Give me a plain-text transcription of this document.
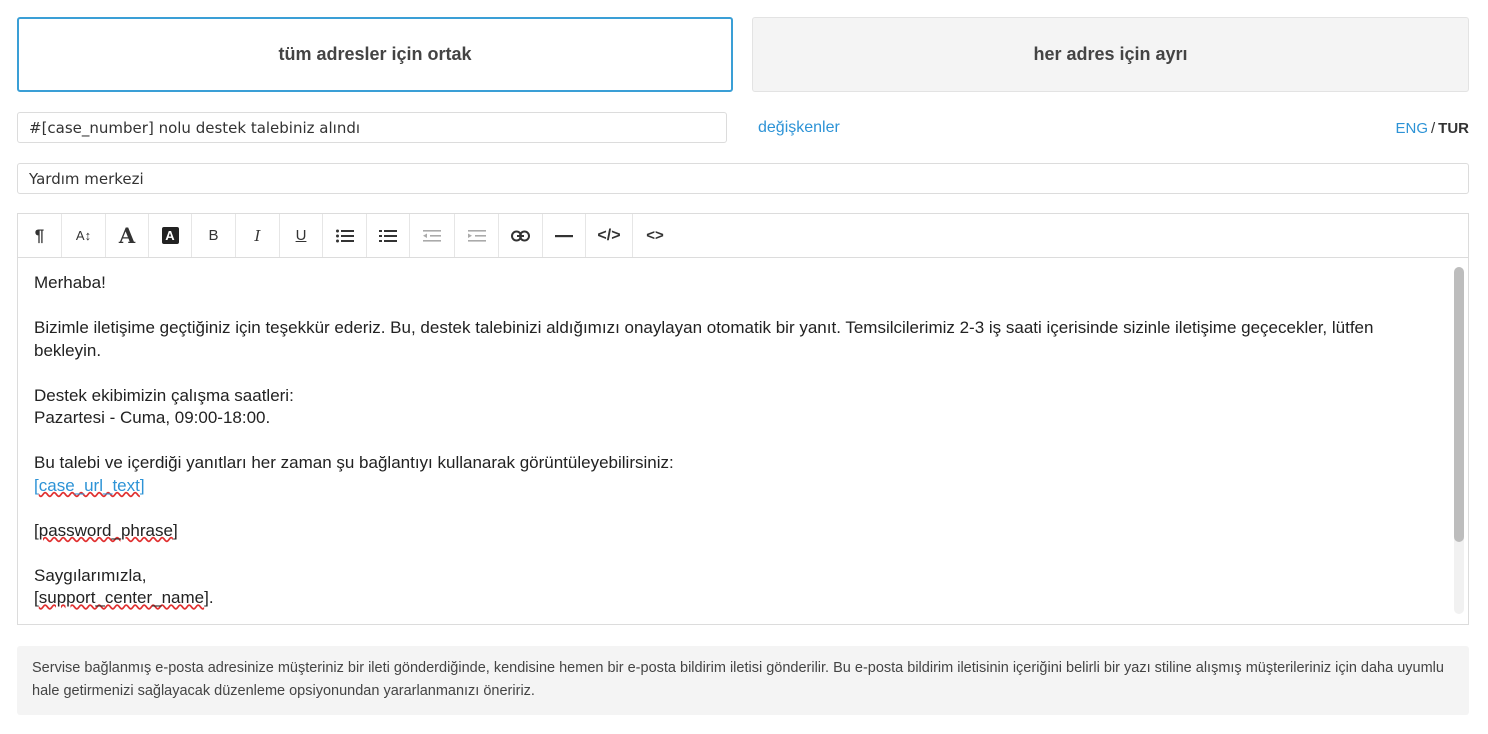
tüm adresler için ortak	her adres için ayrı
#[case_number] nolu destek talebiniz alındı
değişkenler	ENG / TUR
Yardım merkezi
¶ A↕ A A B I U	</> <>

Merhaba!

Bizimle iletişime geçtiğiniz için teşekkür ederiz. Bu, destek talebinizi aldığımızı onaylayan otomatik bir yanıt. Temsilcilerimiz 2-3 iş saati içerisinde sizinle iletişime geçecekler, lütfen bekleyin.

Destek ekibimizin çalışma saatleri:

Pazartesi - Cuma, 09:00-18:00.

Bu talebi ve içerdiği yanıtları her zaman şu bağlantıyı kullanarak görüntüleyebilirsiniz:

[case_url_text]

[password_phrase]

Saygılarımızla,

[support_center_name].

Servise bağlanmış e-posta adresinize müşteriniz bir ileti gönderdiğinde, kendisine hemen bir e-posta bildirim iletisi gönderilir. Bu e-posta bildirim iletisinin içeriğini belirli bir yazı stiline alışmış müşterileriniz için daha uyumlu hale getirmenizi sağlayacak düzenleme opsiyonundan yararlanmanızı öneririz.
